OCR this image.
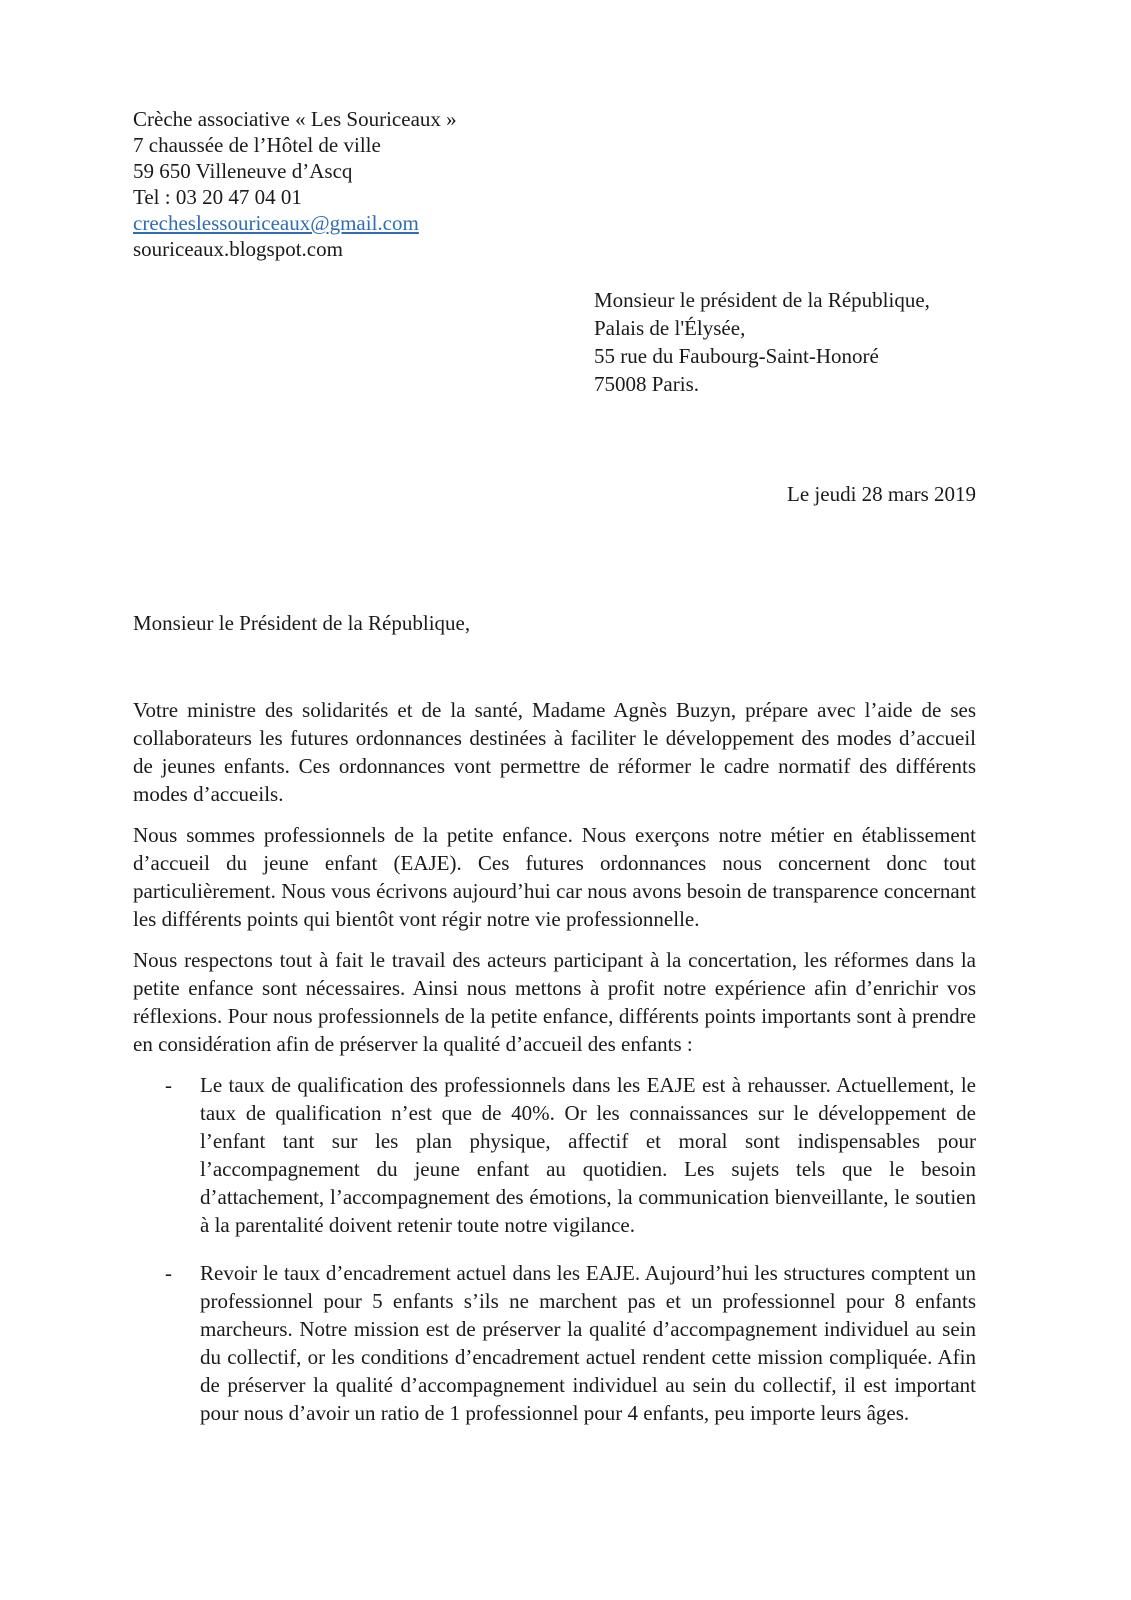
Crèche associative « Les Souriceaux »
7 chaussée de l’Hôtel de ville
59 650 Villeneuve d’Ascq
Tel : 03 20 47 04 01
crecheslessouriceaux@gmail.com
souriceaux.blogspot.com
Monsieur le président de la République,
Palais de l'Élysée,
55 rue du Faubourg-Saint-Honoré
75008 Paris.
Le jeudi 28 mars 2019
Monsieur le Président de la République,

Votre ministre des solidarités et de la santé, Madame Agnès Buzyn, prépare avec l’aide de ses collaborateurs les futures ordonnances destinées à faciliter le développement des modes d’accueil de jeunes enfants. Ces ordonnances vont permettre de réformer le cadre normatif des différents modes d’accueils.

Nous sommes professionnels de la petite enfance. Nous exerçons notre métier en établissement d’accueil du jeune enfant (EAJE). Ces futures ordonnances nous concernent donc tout particulièrement. Nous vous écrivons aujourd’hui car nous avons besoin de transparence concernant les différents points qui bientôt vont régir notre vie professionnelle.

Nous respectons tout à fait le travail des acteurs participant à la concertation, les réformes dans la petite enfance sont nécessaires. Ainsi nous mettons à profit notre expérience afin d’enrichir vos réflexions. Pour nous professionnels de la petite enfance, différents points importants sont à prendre en considération afin de préserver la qualité d’accueil des enfants :

- Le taux de qualification des professionnels dans les EAJE est à rehausser. Actuellement, le taux de qualification n’est que de 40%. Or les connaissances sur le développement de l’enfant tant sur les plan physique, affectif et moral sont indispensables pour l’accompagnement du jeune enfant au quotidien. Les sujets tels que le besoin d’attachement, l’accompagnement des émotions, la communication bienveillante, le soutien à la parentalité doivent retenir toute notre vigilance.
- Revoir le taux d’encadrement actuel dans les EAJE. Aujourd’hui les structures comptent un professionnel pour 5 enfants s’ils ne marchent pas et un professionnel pour 8 enfants marcheurs. Notre mission est de préserver la qualité d’accompagnement individuel au sein du collectif, or les conditions d’encadrement actuel rendent cette mission compliquée. Afin de préserver la qualité d’accompagnement individuel au sein du collectif, il est important pour nous d’avoir un ratio de 1 professionnel pour 4 enfants, peu importe leurs âges.
